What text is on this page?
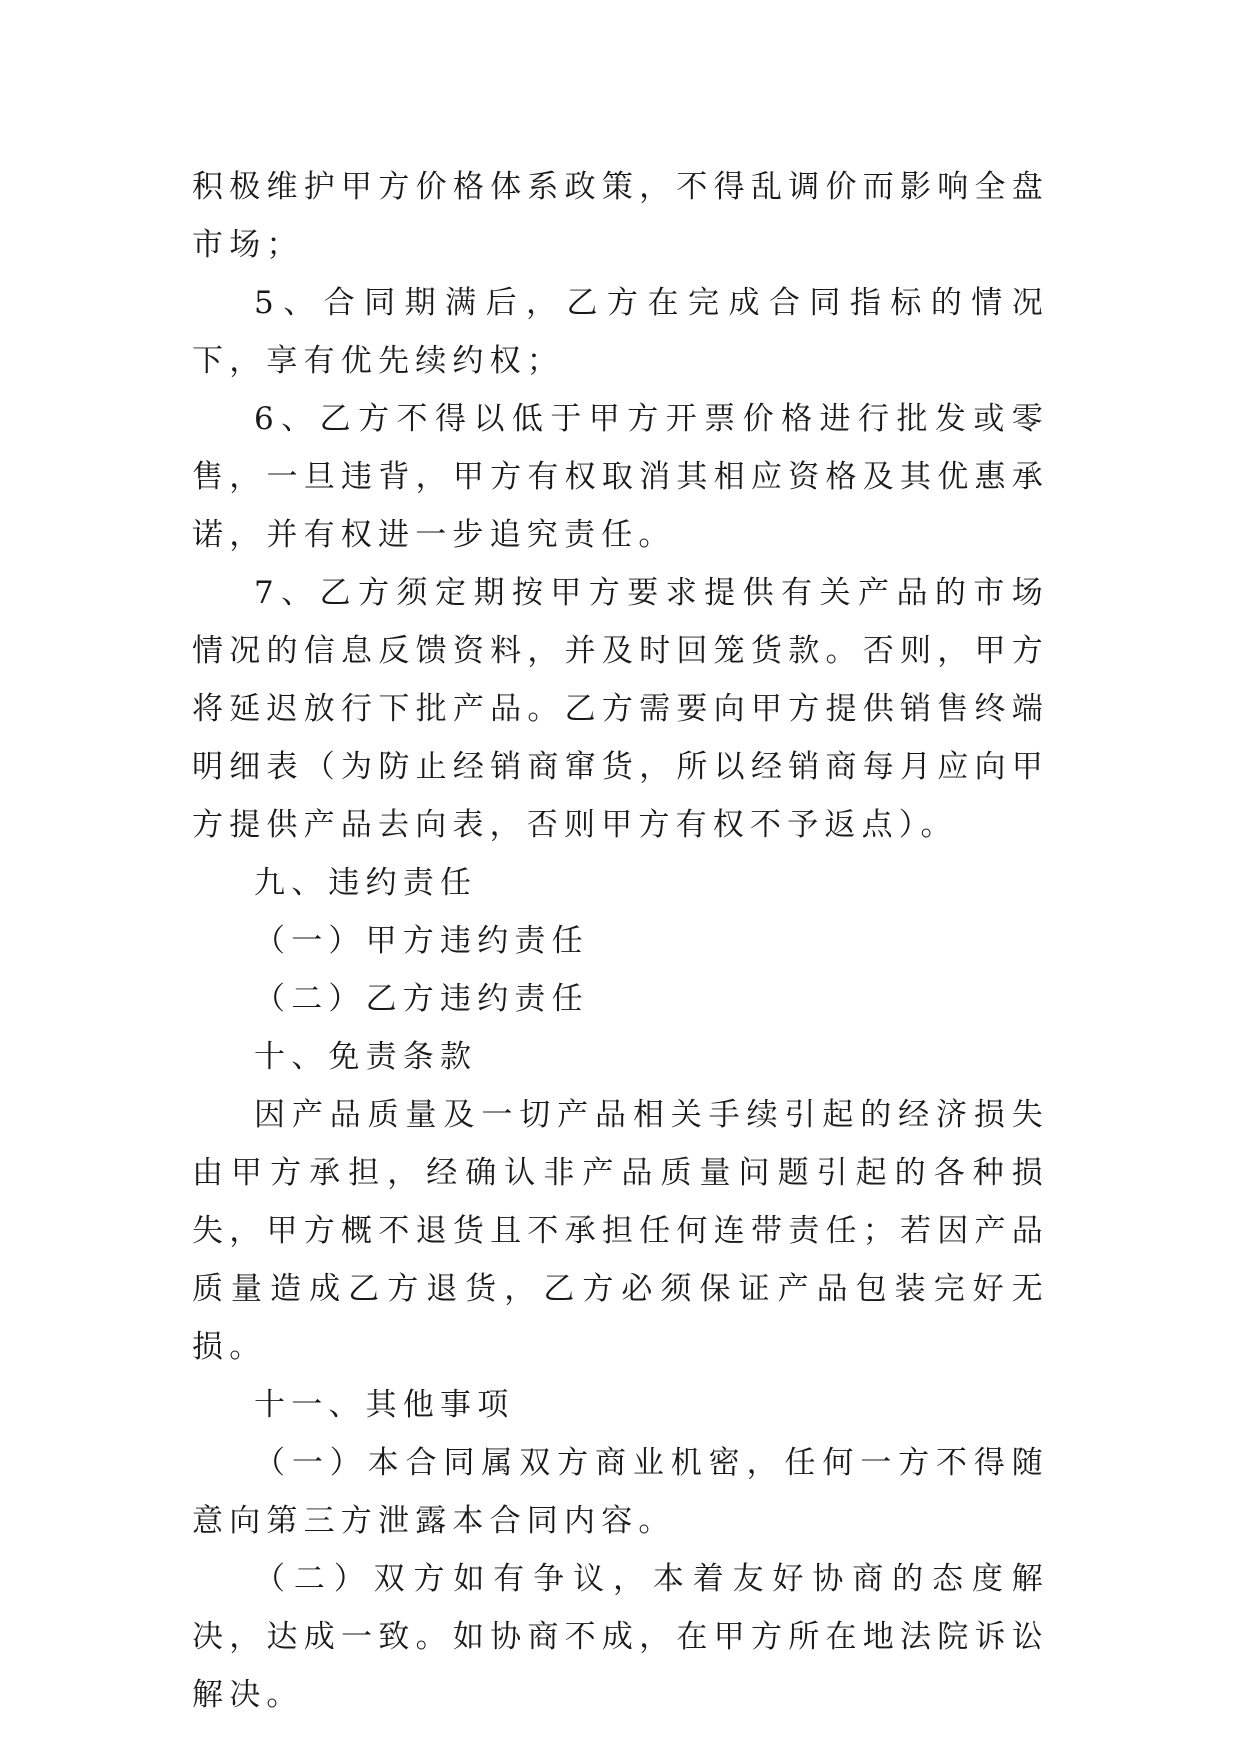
积极维护甲方价格体系政策，不得乱调价而影响全盘市场；

5、合同期满后，乙方在完成合同指标的情况下，享有优先续约权；

6、乙方不得以低于甲方开票价格进行批发或零售，一旦违背，甲方有权取消其相应资格及其优惠承诺，并有权进一步追究责任。

7、乙方须定期按甲方要求提供有关产品的市场情况的信息反馈资料，并及时回笼货款。否则，甲方将延迟放行下批产品。乙方需要向甲方提供销售终端明细表（为防止经销商窜货，所以经销商每月应向甲方提供产品去向表，否则甲方有权不予返点）。

九、违约责任

（一）甲方违约责任

（二）乙方违约责任

十、免责条款

因产品质量及一切产品相关手续引起的经济损失由甲方承担，经确认非产品质量问题引起的各种损失，甲方概不退货且不承担任何连带责任；若因产品质量造成乙方退货，乙方必须保证产品包装完好无损。

十一、其他事项

（一）本合同属双方商业机密，任何一方不得随意向第三方泄露本合同内容。

（二）双方如有争议，本着友好协商的态度解决，达成一致。如协商不成，在甲方所在地法院诉讼解决。
